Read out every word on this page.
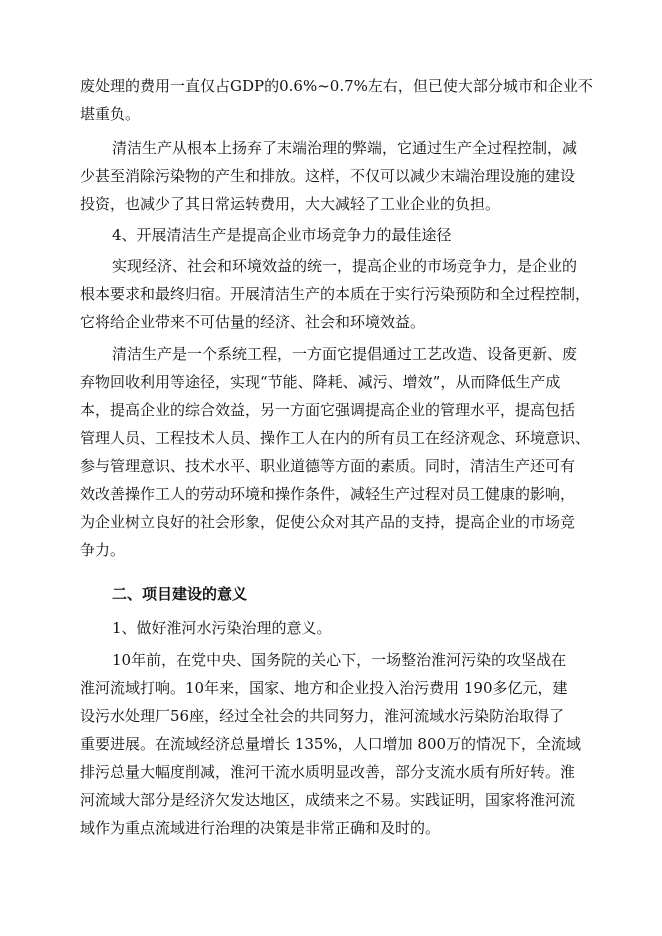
废处理的费用一直仅占GDP的0.6%~0.7%左右，但已使大部分城市和企业不
堪重负。
清洁生产从根本上扬弃了末端治理的弊端，它通过生产全过程控制，减
少甚至消除污染物的产生和排放。这样，不仅可以减少末端治理设施的建设
投资，也减少了其日常运转费用，大大减轻了工业企业的负担。
4、开展清洁生产是提高企业市场竞争力的最佳途径
实现经济、社会和环境效益的统一，提高企业的市场竞争力，是企业的
根本要求和最终归宿。开展清洁生产的本质在于实行污染预防和全过程控制，
它将给企业带来不可估量的经济、社会和环境效益。
清洁生产是一个系统工程，一方面它提倡通过工艺改造、设备更新、废
弃物回收利用等途径，实现“节能、降耗、减污、增效”，从而降低生产成
本，提高企业的综合效益，另一方面它强调提高企业的管理水平，提高包括
管理人员、工程技术人员、操作工人在内的所有员工在经济观念、环境意识、
参与管理意识、技术水平、职业道德等方面的素质。同时，清洁生产还可有
效改善操作工人的劳动环境和操作条件，减轻生产过程对员工健康的影响，
为企业树立良好的社会形象，促使公众对其产品的支持，提高企业的市场竞
争力。
二、项目建设的意义
1、做好淮河水污染治理的意义。
10年前，在党中央、国务院的关心下，一场整治淮河污染的攻坚战在
淮河流域打响。10年来，国家、地方和企业投入治污费用 190多亿元，建
设污水处理厂56座，经过全社会的共同努力，淮河流域水污染防治取得了
重要进展。在流域经济总量增长 135%，人口增加 800万的情况下，全流域
排污总量大幅度削减，淮河干流水质明显改善，部分支流水质有所好转。淮
河流域大部分是经济欠发达地区，成绩来之不易。实践证明，国家将淮河流
域作为重点流域进行治理的决策是非常正确和及时的。
